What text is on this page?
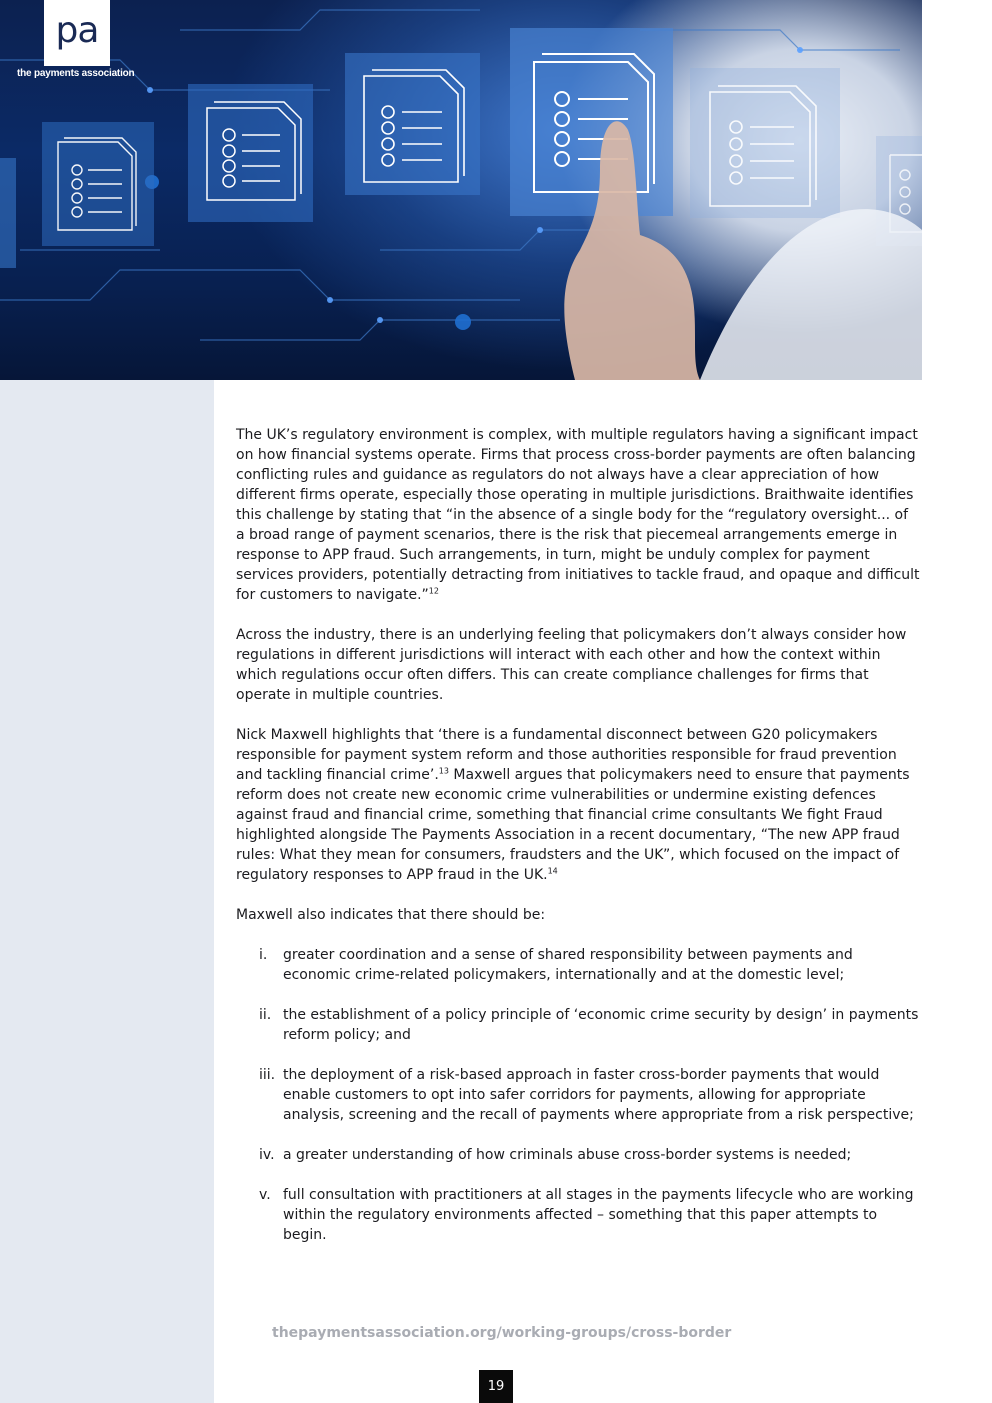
pa
the payments association

The UK’s regulatory environment is complex, with multiple regulators having a significant impact on how financial systems operate. Firms that process cross-border payments are often balancing conflicting rules and guidance as regulators do not always have a clear appreciation of how different firms operate, especially those operating in multiple jurisdictions. Braithwaite identifies this challenge by stating that “in the absence of a single body for the “regulatory oversight... of a broad range of payment scenarios, there is the risk that piecemeal arrangements emerge in response to APP fraud. Such arrangements, in turn, might be unduly complex for payment services providers, potentially detracting from initiatives to tackle fraud, and opaque and difficult for customers to navigate.”$^{12}$

Across the industry, there is an underlying feeling that policymakers don’t always consider how regulations in different jurisdictions will interact with each other and how the context within which regulations occur often differs. This can create compliance challenges for firms that operate in multiple countries.

Nick Maxwell highlights that ‘there is a fundamental disconnect between G20 policymakers responsible for payment system reform and those authorities responsible for fraud prevention and tackling financial crime’.$^{13}$ Maxwell argues that policymakers need to ensure that payments reform does not create new economic crime vulnerabilities or undermine existing defences against fraud and financial crime, something that financial crime consultants We fight Fraud highlighted alongside The Payments Association in a recent documentary, “The new APP fraud rules: What they mean for consumers, fraudsters and the UK”, which focused on the impact of regulatory responses to APP fraud in the UK.$^{14}$

Maxwell also indicates that there should be:

i. greater coordination and a sense of shared responsibility between payments and economic crime-related policymakers, internationally and at the domestic level;
ii. the establishment of a policy principle of ‘economic crime security by design’ in payments reform policy; and
iii. the deployment of a risk-based approach in faster cross-border payments that would enable customers to opt into safer corridors for payments, allowing for appropriate analysis, screening and the recall of payments where appropriate from a risk perspective;
iv. a greater understanding of how criminals abuse cross-border systems is needed;
v. full consultation with practitioners at all stages in the payments lifecycle who are working within the regulatory environments affected – something that this paper attempts to begin.
thepaymentsassociation.org/working-groups/cross-border
19
